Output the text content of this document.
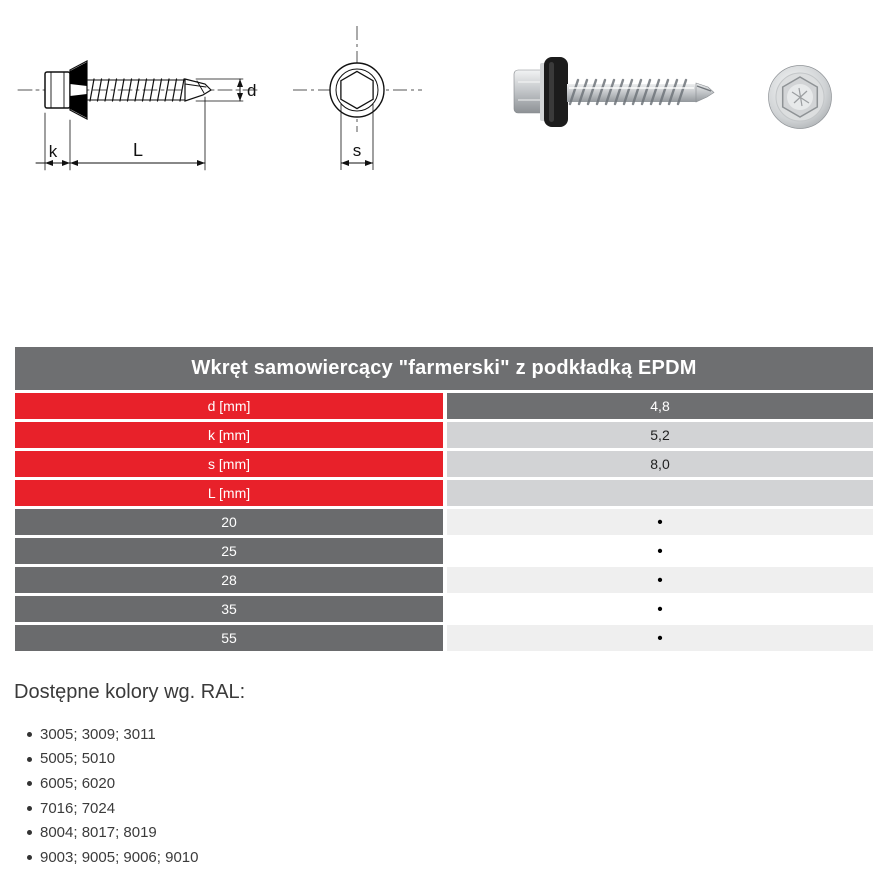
d
k	L	s
Wkręt samowiercący "farmerski" z podkładką EPDM
d [mm]	4,8
k [mm]	5,2
s [mm]	8,0
L [mm]
20	•
25	•
28	•
35	•
55	•
Dostępne kolory wg. RAL:
3005; 3009; 3011
5005; 5010
6005; 6020
7016; 7024
8004; 8017; 8019
9003; 9005; 9006; 9010
